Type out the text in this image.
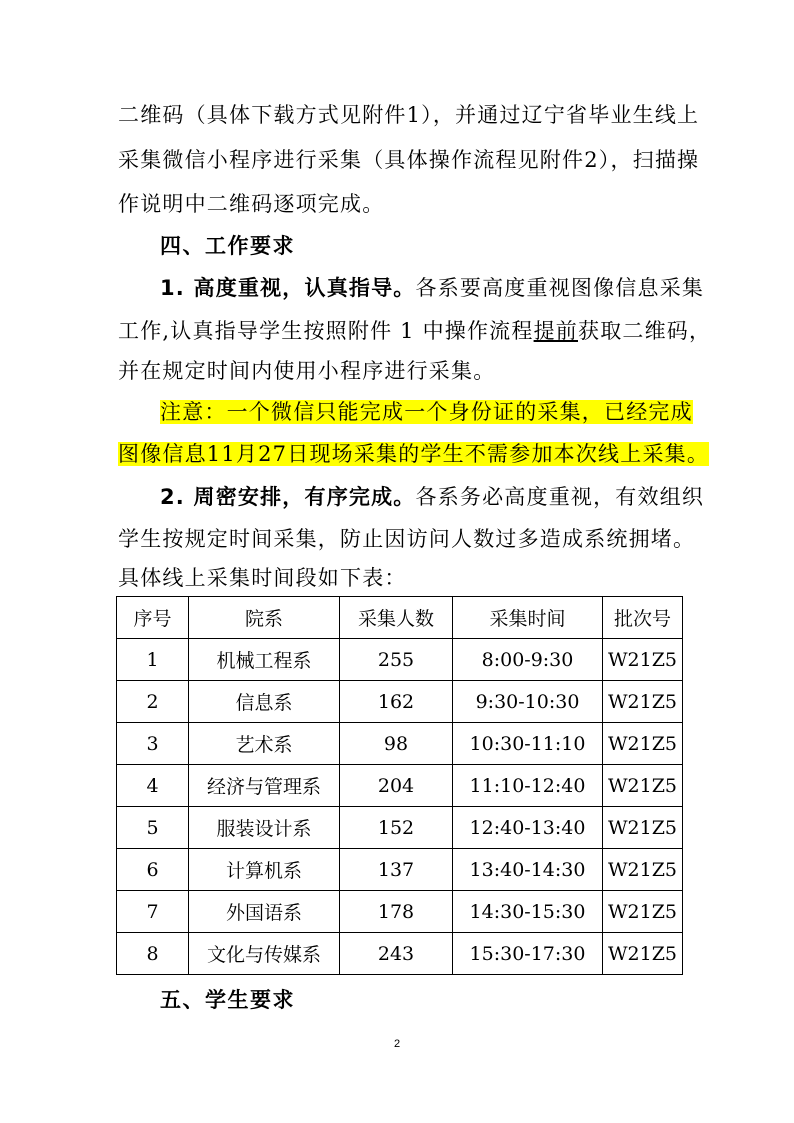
二维码（具体下载方式见附件1），并通过辽宁省毕业生线上
采集微信小程序进行采集（具体操作流程见附件2），扫描操
作说明中二维码逐项完成。
四、工作要求
1. 高度重视，认真指导。各系要高度重视图像信息采集
工作,认真指导学生按照附件 1 中操作流程提前获取二维码，
并在规定时间内使用小程序进行采集。
注意：一个微信只能完成一个身份证的采集，已经完成
图像信息11月27日现场采集的学生不需参加本次线上采集。
2. 周密安排，有序完成。各系务必高度重视，有效组织
学生按规定时间采集，防止因访问人数过多造成系统拥堵。
具体线上采集时间段如下表：
序号	院系	采集人数	采集时间	批次号
1	机械工程系	255	8:00-9:30	W21Z5
2	信息系	162	9:30-10:30	W21Z5
3	艺术系	98	10:30-11:10	W21Z5
4	经济与管理系	204	11:10-12:40	W21Z5
5	服装设计系	152	12:40-13:40	W21Z5
6	计算机系	137	13:40-14:30	W21Z5
7	外国语系	178	14:30-15:30	W21Z5
8	文化与传媒系	243	15:30-17:30	W21Z5
五、学生要求
2
